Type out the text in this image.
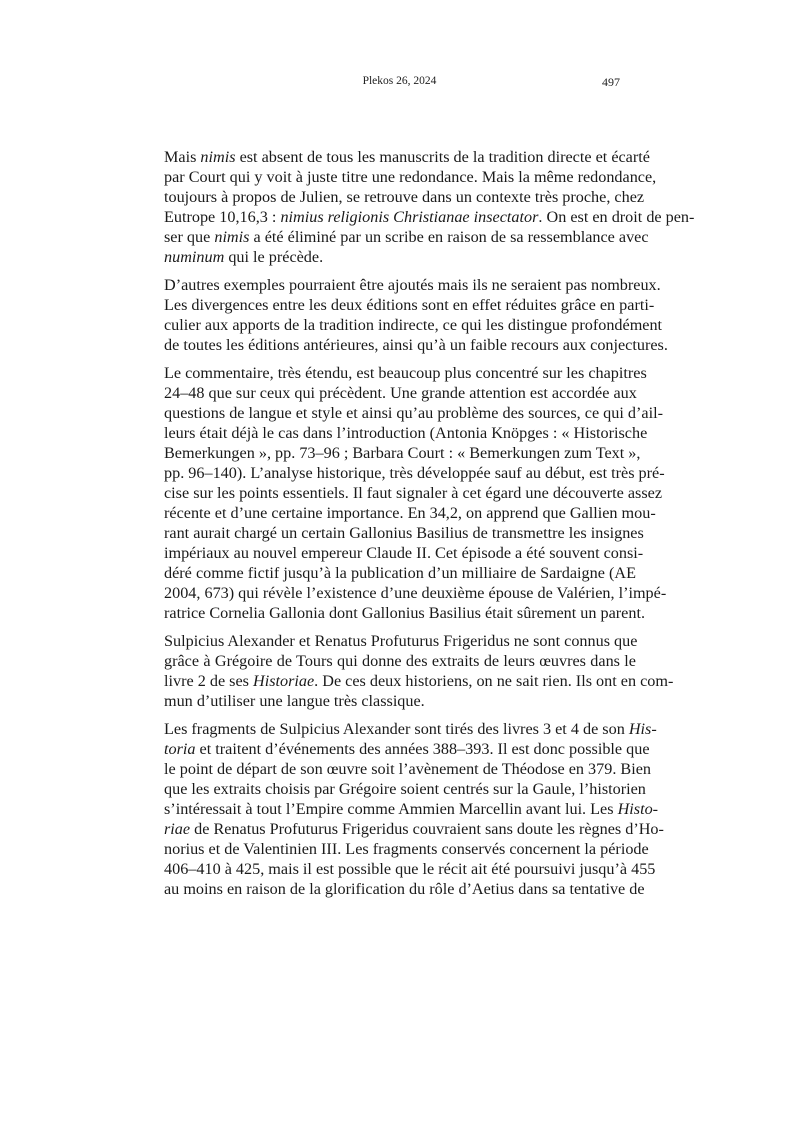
Plekos 26, 2024	497
Mais nimis est absent de tous les manuscrits de la tradition directe et écarté
par Court qui y voit à juste titre une redondance. Mais la même redondance,
toujours à propos de Julien, se retrouve dans un contexte très proche, chez
Eutrope 10,16,3 : nimius religionis Christianae insectator. On est en droit de pen-
ser que nimis a été éliminé par un scribe en raison de sa ressemblance avec
numinum qui le précède.
D’autres exemples pourraient être ajoutés mais ils ne seraient pas nombreux.
Les divergences entre les deux éditions sont en effet réduites grâce en parti-
culier aux apports de la tradition indirecte, ce qui les distingue profondément
de toutes les éditions antérieures, ainsi qu’à un faible recours aux conjectures.
Le commentaire, très étendu, est beaucoup plus concentré sur les chapitres
24–48 que sur ceux qui précèdent. Une grande attention est accordée aux
questions de langue et style et ainsi qu’au problème des sources, ce qui d’ail-
leurs était déjà le cas dans l’introduction (Antonia Knöpges : « Historische
Bemerkungen », pp. 73–96 ; Barbara Court : « Bemerkungen zum Text »,
pp. 96–140). L’analyse historique, très développée sauf au début, est très pré-
cise sur les points essentiels. Il faut signaler à cet égard une découverte assez
récente et d’une certaine importance. En 34,2, on apprend que Gallien mou-
rant aurait chargé un certain Gallonius Basilius de transmettre les insignes
impériaux au nouvel empereur Claude II. Cet épisode a été souvent consi-
déré comme fictif jusqu’à la publication d’un milliaire de Sardaigne (AE
2004, 673) qui révèle l’existence d’une deuxième épouse de Valérien, l’impé-
ratrice Cornelia Gallonia dont Gallonius Basilius était sûrement un parent.
Sulpicius Alexander et Renatus Profuturus Frigeridus ne sont connus que
grâce à Grégoire de Tours qui donne des extraits de leurs œuvres dans le
livre 2 de ses Historiae. De ces deux historiens, on ne sait rien. Ils ont en com-
mun d’utiliser une langue très classique.
Les fragments de Sulpicius Alexander sont tirés des livres 3 et 4 de son His-
toria et traitent d’événements des années 388–393. Il est donc possible que
le point de départ de son œuvre soit l’avènement de Théodose en 379. Bien
que les extraits choisis par Grégoire soient centrés sur la Gaule, l’historien
s’intéressait à tout l’Empire comme Ammien Marcellin avant lui. Les Histo-
riae de Renatus Profuturus Frigeridus couvraient sans doute les règnes d’Ho-
norius et de Valentinien III. Les fragments conservés concernent la période
406–410 à 425, mais il est possible que le récit ait été poursuivi jusqu’à 455
au moins en raison de la glorification du rôle d’Aetius dans sa tentative de
